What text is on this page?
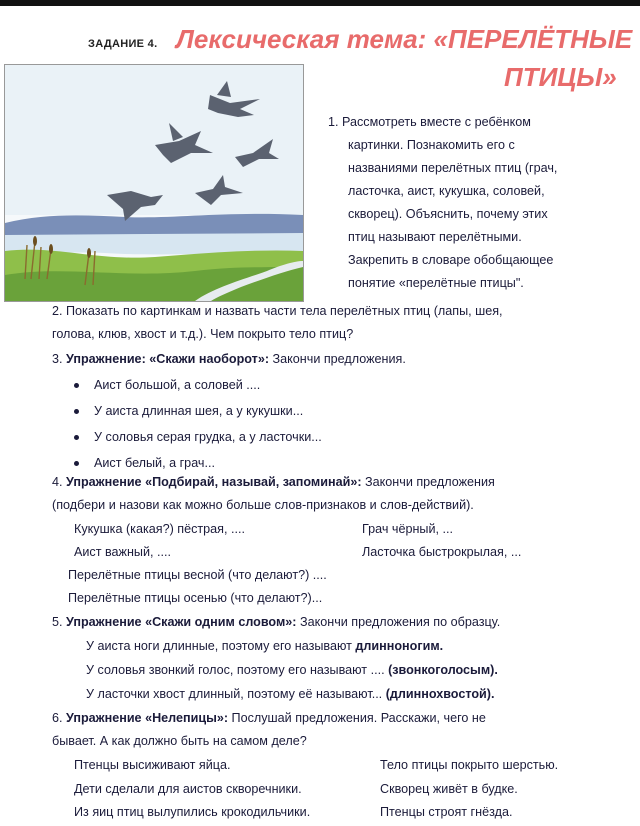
ЗАДАНИЕ 4. Лексическая тема: «ПЕРЕЛЁТНЫЕ
ПТИЦЫ»
1. Рассмотреть вместе с ребёнком
картинки. Познакомить его с
названиями перелётных птиц (грач,
ласточка, аист, кукушка, соловей,
скворец). Объяснить, почему этих
птиц называют перелётными.
Закрепить в словаре обобщающее
понятие «перелётные птицы".
2. Показать по картинкам и назвать части тела перелётных птиц (лапы, шея,
голова, клюв, хвост и т.д.). Чем покрыто тело птиц?
3. Упражнение: «Скажи наоборот»: Закончи предложения.
Аист большой, а соловей ....
У аиста длинная шея, а у кукушки...
У соловья серая грудка, а у ласточки...
Аист белый, а грач...
4. Упражнение «Подбирай, называй, запоминай»: Закончи предложения
(подбери и назови как можно больше слов-признаков и слов-действий).
Кукушка (какая?) пёстрая, ....	Грач чёрный, ...
Аист важный, ....	Ласточка быстрокрылая, ...
Перелётные птицы весной (что делают?) ....
Перелётные птицы осенью (что делают?)...
5. Упражнение «Скажи одним словом»: Закончи предложения по образцу.
У аиста ноги длинные, поэтому его называют длинноногим.
У соловья звонкий голос, поэтому его называют .... (звонкоголосым).
У ласточки хвост длинный, поэтому её называют... (длиннохвостой).
6. Упражнение «Нелепицы»: Послушай предложения. Расскажи, чего не
бывает. А как должно быть на самом деле?
Птенцы высиживают яйца.	Тело птицы покрыто шерстью.
Дети сделали для аистов скворечники.	Скворец живёт в будке.
Из яиц птиц вылупились крокодильчики.	Птенцы строят гнёзда.
